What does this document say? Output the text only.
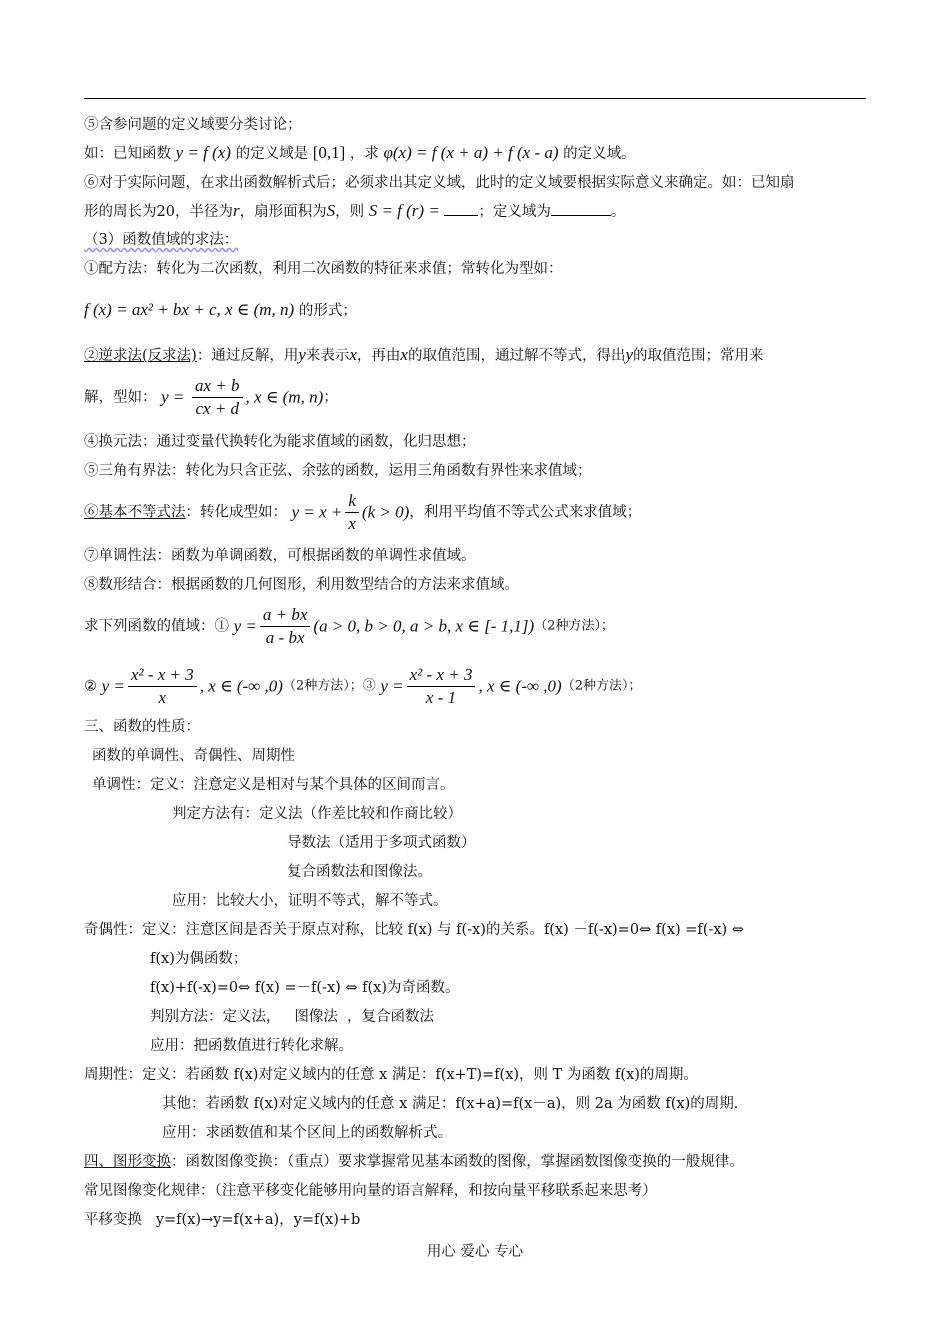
⑤含参问题的定义域要分类讨论；
如：已知函数 y = f (x) 的定义域是 [0,1] ，求 φ(x) = f (x + a) + f (x - a) 的定义域。
⑥对于实际问题，在求出函数解析式后；必须求出其定义域，此时的定义域要根据实际意义来确定。如：已知扇
形的周长为20，半径为r，扇形面积为S，则 S = f (r) =	；定义域为	。
（3）函数值域的求法：
①配方法：转化为二次函数，利用二次函数的特征来求值；常转化为型如：
f (x) = ax² + bx + c, x ∈ (m, n) 的形式；
②逆求法(反求法)：通过反解，用y来表示x，再由x的取值范围，通过解不等式，得出y的取值范围；常用来
解，型如： $y = \frac{ax + b}{cx + d}$ , x ∈ (m, n)；
④换元法：通过变量代换转化为能求值域的函数，化归思想；
⑤三角有界法：转化为只含正弦、余弦的函数，运用三角函数有界性来求值域；
⑥基本不等式法：转化成型如： $y = x + \frac{k}{x} (k > 0)$，利用平均值不等式公式来求值域；
⑦单调性法：函数为单调函数，可根据函数的单调性求值域。
⑧数形结合：根据函数的几何图形，利用数型结合的方法来求值域。
求下列函数的值域：① $y = \frac{a + bx}{a - bx} (a > 0$, b > 0, a > b, x ∈ [- 1,1])（2种方法）；
② $y = \frac{\text{x² - x + 3}}{x}$ , x ∈ (-∞ ,0)（2种方法）；③ $y = \frac{\text{x² - x + 3}}{x - 1}$ , x ∈ (-∞ ,0)（2种方法）；
三、函数的性质：
函数的单调性、奇偶性、周期性
单调性：定义：注意定义是相对与某个具体的区间而言。
判定方法有：定义法（作差比较和作商比较）
导数法（适用于多项式函数）
复合函数法和图像法。
应用：比较大小，证明不等式，解不等式。
奇偶性：定义：注意区间是否关于原点对称，比较 f(x) 与 f(-x)的关系。f(x) －f(-x)=0⇔ f(x) =f(-x) ⇔
f(x)为偶函数；
f(x)+f(-x)=0⇔ f(x) =－f(-x) ⇔ f(x)为奇函数。
判别方法：定义法，   图像法  ，复合函数法
应用：把函数值进行转化求解。
周期性：定义：若函数 f(x)对定义域内的任意 x 满足：f(x+T)=f(x)，则 T 为函数 f(x)的周期。
其他：若函数 f(x)对定义域内的任意 x 满足：f(x+a)=f(x－a)，则 2a 为函数 f(x)的周期.
应用：求函数值和某个区间上的函数解析式。
四、图形变换：函数图像变换：（重点）要求掌握常见基本函数的图像，掌握函数图像变换的一般规律。
常见图像变化规律：（注意平移变化能够用向量的语言解释，和按向量平移联系起来思考）
平移变换   y=f(x)→y=f(x+a)，y=f(x)+b
用心 爱心 专心
